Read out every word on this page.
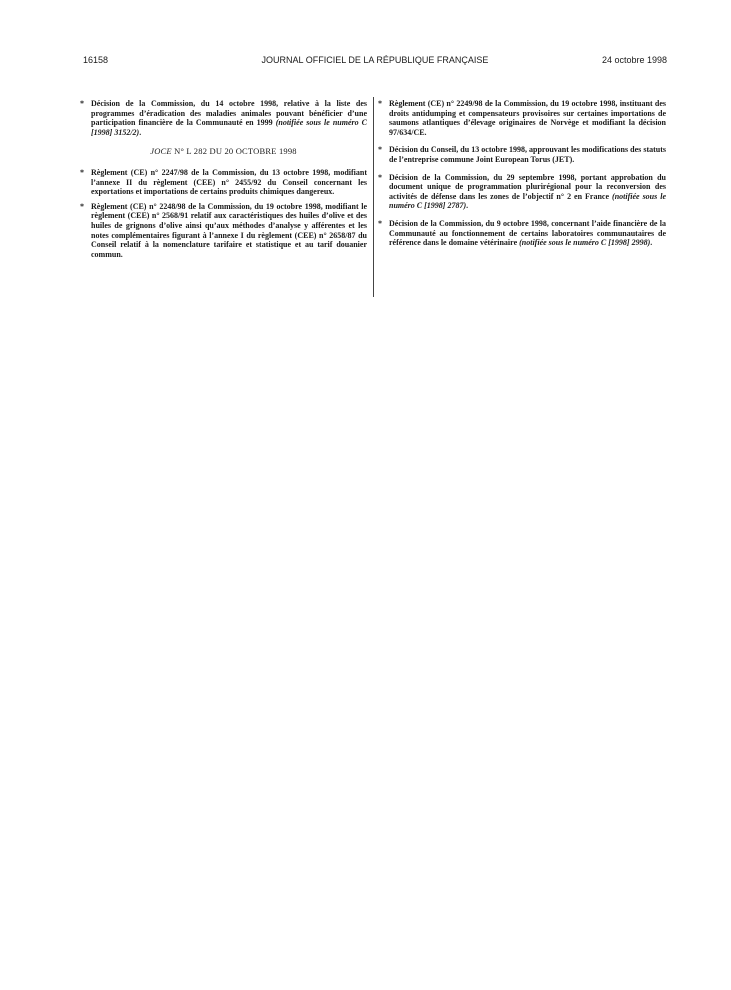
16158	JOURNAL OFFICIEL DE LA RÉPUBLIQUE FRANÇAISE	24 octobre 1998

* Décision de la Commission, du 14 octobre 1998, relative à la liste des programmes d’éradication des maladies animales pouvant bénéficier d’une participation financière de la Communauté en 1999 (notifiée sous le numéro C [1998] 3152/2).

JOCE N° L 282 DU 20 OCTOBRE 1998

* Règlement (CE) n° 2247/98 de la Commission, du 13 octobre 1998, modifiant l’annexe II du règlement (CEE) n° 2455/92 du Conseil concernant les exportations et importations de certains produits chimiques dangereux.

* Règlement (CE) n° 2248/98 de la Commission, du 19 octobre 1998, modifiant le règlement (CEE) n° 2568/91 relatif aux caractéristiques des huiles d’olive et des huiles de grignons d’olive ainsi qu’aux méthodes d’analyse y afférentes et les notes complémentaires figurant à l’annexe I du règlement (CEE) n° 2658/87 du Conseil relatif à la nomenclature tarifaire et statistique et au tarif douanier commun.

* Règlement (CE) n° 2249/98 de la Commission, du 19 octobre 1998, instituant des droits antidumping et compensateurs provisoires sur certaines importations de saumons atlantiques d’élevage originaires de Norvège et modifiant la décision 97/634/CE.

* Décision du Conseil, du 13 octobre 1998, approuvant les modifications des statuts de l’entreprise commune Joint European Torus (JET).

* Décision de la Commission, du 29 septembre 1998, portant approbation du document unique de programmation plurirégional pour la reconversion des activités de défense dans les zones de l’objectif n° 2 en France (notifiée sous le numéro C [1998] 2787).

* Décision de la Commission, du 9 octobre 1998, concernant l’aide financière de la Communauté au fonctionnement de certains laboratoires communautaires de référence dans le domaine vétérinaire (notifiée sous le numéro C [1998] 2998).
